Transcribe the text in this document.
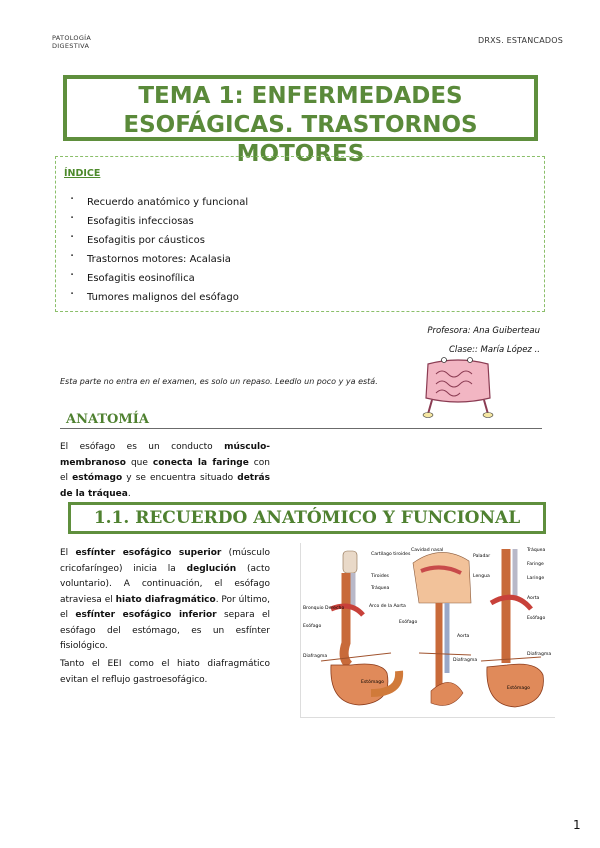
PATOLOGÍA
DIGESTIVA
DRXS. ESTANCADOS
TEMA 1: ENFERMEDADES
ESOFÁGICAS. TRASTORNOS MOTORES
ÍNDICE
· Recuerdo anatómico y funcional
· Esofagitis infecciosas
· Esofagitis por cáusticos
· Trastornos motores: Acalasia
· Esofagitis eosinofílica
· Tumores malignos del esófago
Profesora: Ana Guiberteau
Clase:: María López ..
Esta parte no entra en el examen, es solo un repaso. Leedlo un poco y ya está.
ANATOMÍA
El esófago es un conducto músculo-membranoso que conecta la faringe con el estómago y se encuentra situado detrás de la tráquea.
1.1. RECUERDO ANATÓMICO Y FUNCIONAL
El esfínter esofágico superior (músculo cricofaríngeo) inicia la deglución (acto voluntario). A continuación, el esófago atraviesa el hiato diafragmático. Por último, el esfínter esofágico inferior separa el esófago del estómago, es un esfínter fisiológico.
Tanto el EEI como el hiato diafragmático evitan el reflujo gastroesofágico.
Cartílago tiroides
Tiroides
Tráquea
Esófago
Bronquio Derecho	Arco de la Aorta
Diafragma
Estómago
Cavidad nasal
Paladar
Lengua
Esófago
Aorta
Diafragma
Tráquea
Faringe
Laringe
Aorta
Esófago
Diafragma
Estómago
1
